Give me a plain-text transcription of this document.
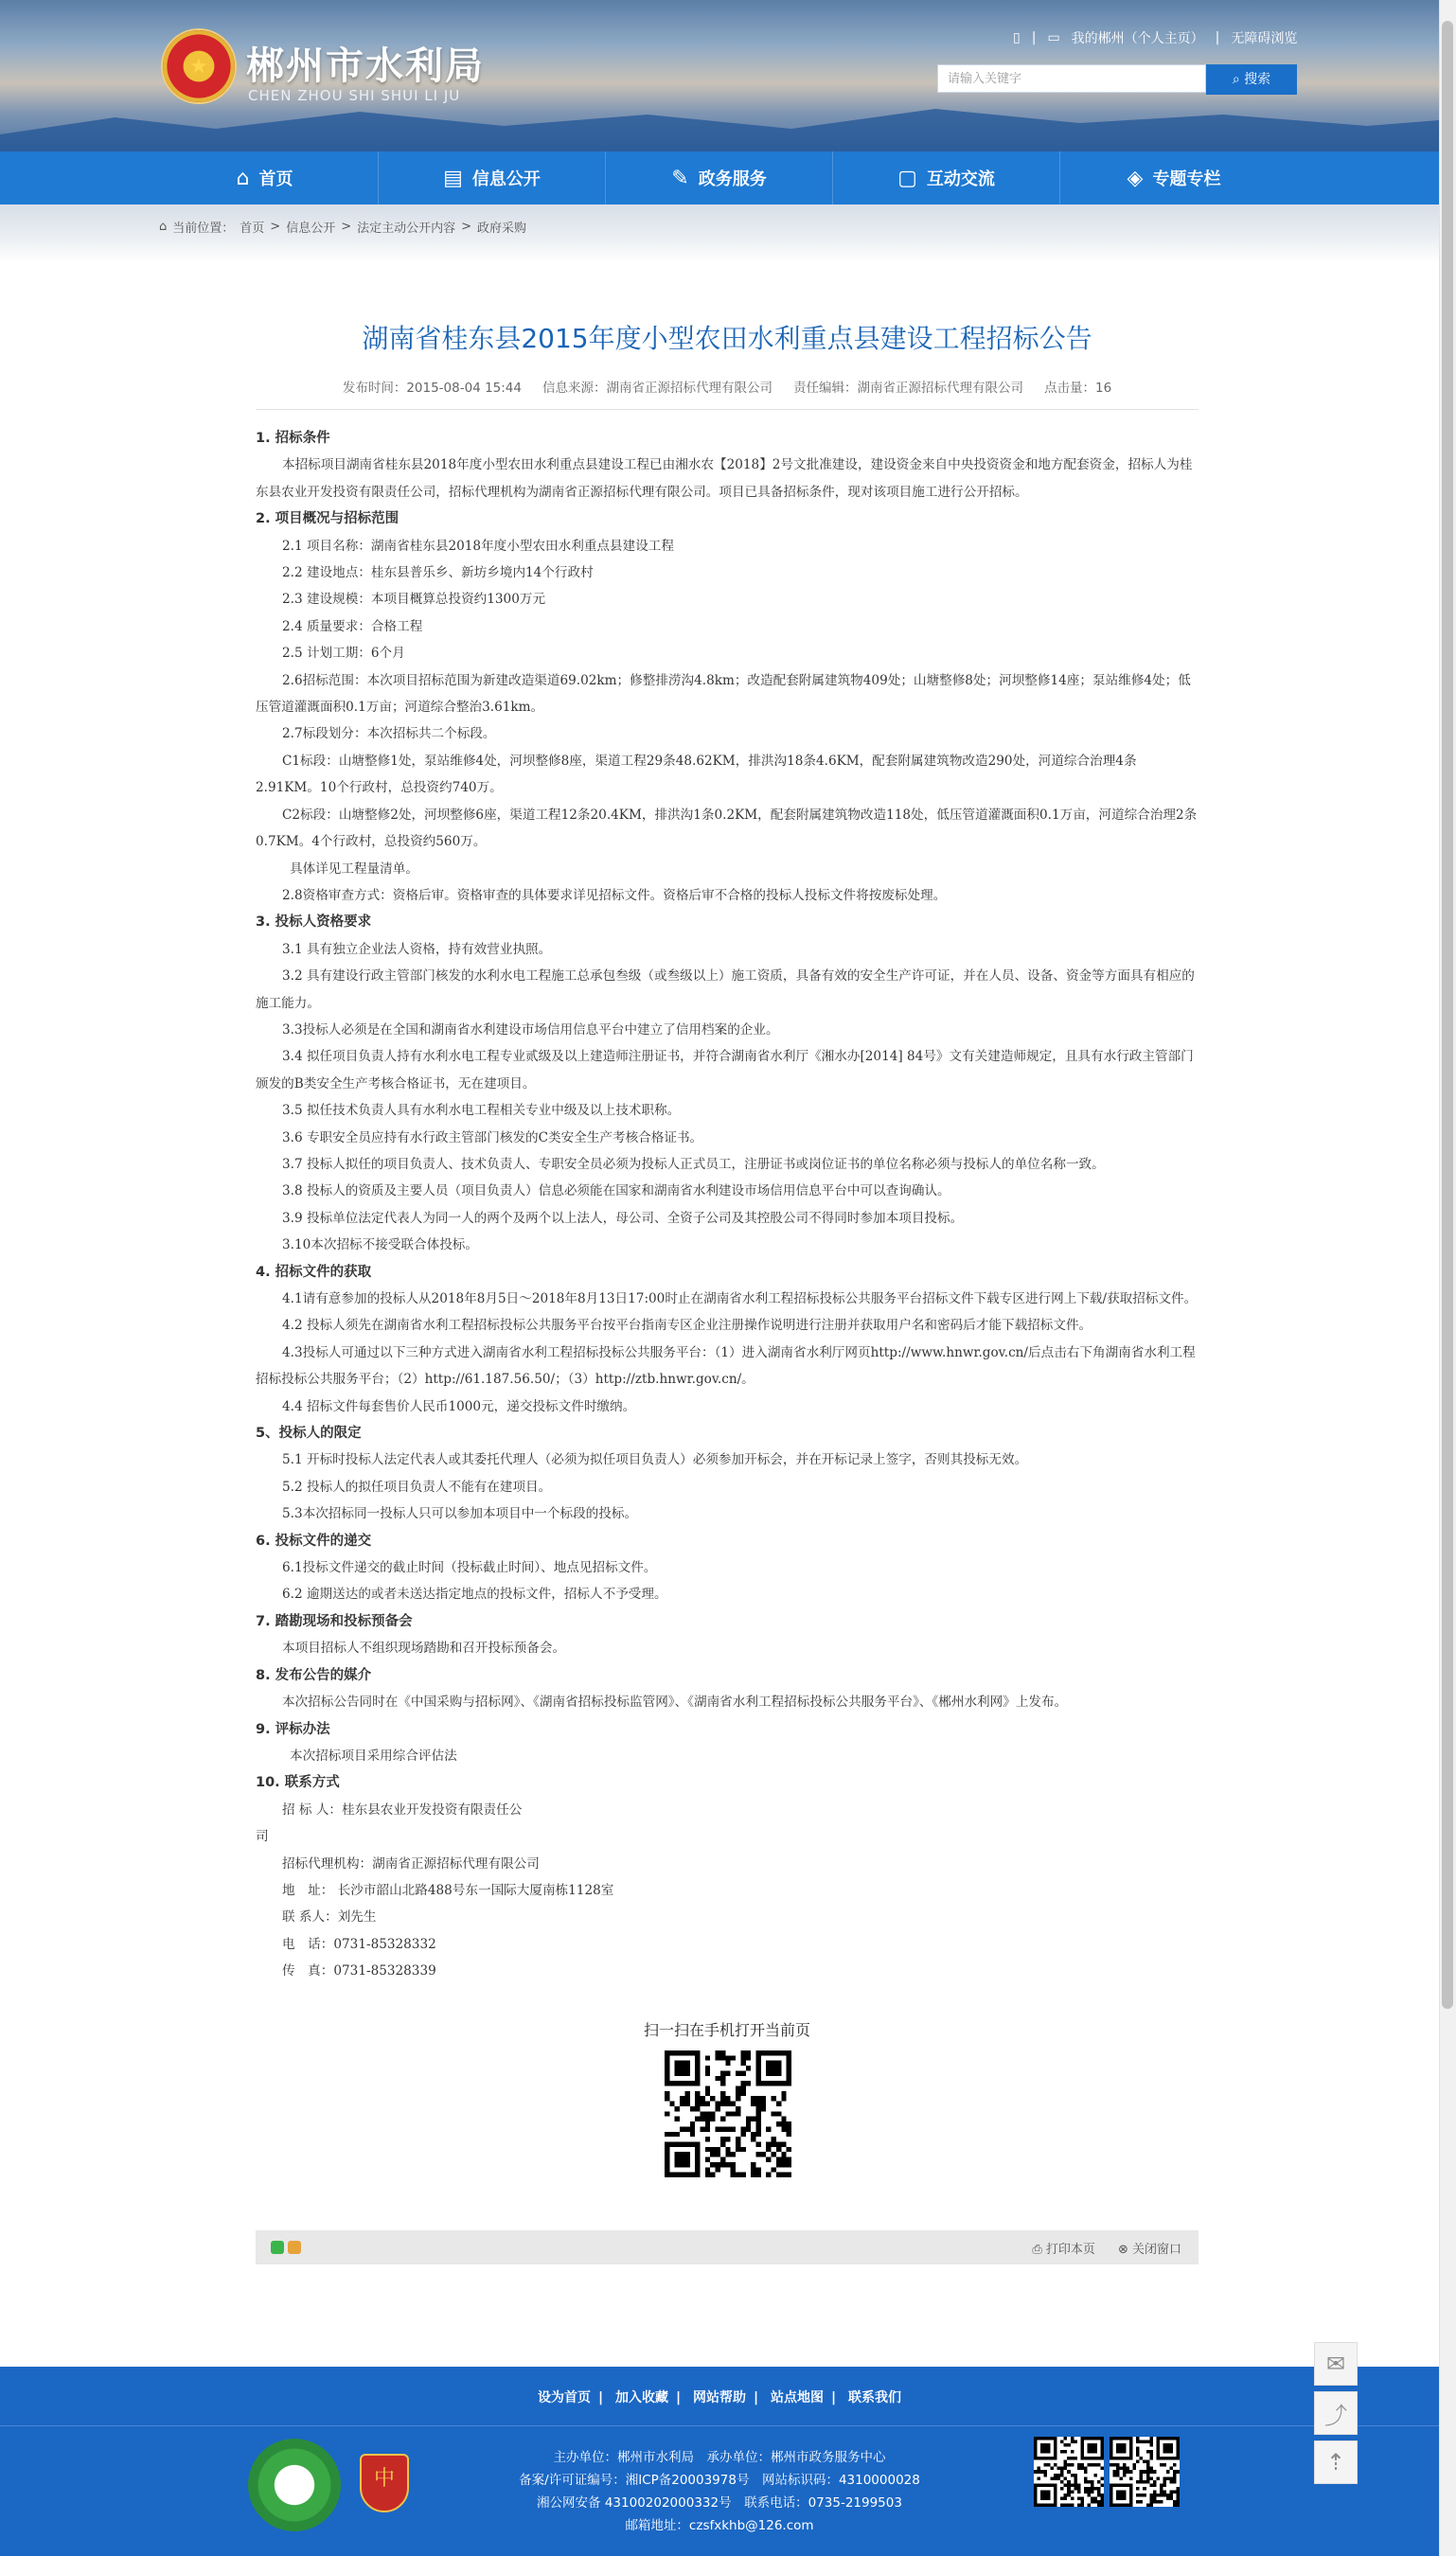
★ 郴州市水利局
CHEN ZHOU SHI SHUI LI JU
▯ | ▭ 我的郴州（个人主页） | 无障碍浏览
请输入关键字	⌕ 搜索
⌂ 首页	▤ 信息公开	✎ 政务服务	▢ 互动交流	◈ 专题专栏
⌂ 当前位置： 首页 > 信息公开 > 法定主动公开内容 > 政府采购
湖南省桂东县2015年度小型农田水利重点县建设工程招标公告
发布时间：2015-08-04 15:44 信息来源：湖南省正源招标代理有限公司 责任编辑：湖南省正源招标代理有限公司 点击量：16
1. 招标条件
本招标项目湖南省桂东县2018年度小型农田水利重点县建设工程已由湘水农【2018】2号文批准建设，建设资金来自中央投资资金和地方配套资金，招标人为桂东县农业开发投资有限责任公司，招标代理机构为湖南省正源招标代理有限公司。项目已具备招标条件，现对该项目施工进行公开招标。
2. 项目概况与招标范围
2.1 项目名称：湖南省桂东县2018年度小型农田水利重点县建设工程
2.2 建设地点：桂东县普乐乡、新坊乡境内14个行政村
2.3 建设规模：本项目概算总投资约1300万元
2.4 质量要求：合格工程
2.5 计划工期：6个月
2.6招标范围：本次项目招标范围为新建改造渠道69.02km；修整排涝沟4.8km；改造配套附属建筑物409处；山塘整修8处；河坝整修14座；泵站维修4处；低压管道灌溉面积0.1万亩；河道综合整治3.61km。
2.7标段划分：本次招标共二个标段。
C1标段：山塘整修1处，泵站维修4处，河坝整修8座，渠道工程29条48.62KM，排洪沟18条4.6KM，配套附属建筑物改造290处，河道综合治理4条2.91KM。10个行政村，总投资约740万。
C2标段：山塘整修2处，河坝整修6座，渠道工程12条20.4KM，排洪沟1条0.2KM，配套附属建筑物改造118处，低压管道灌溉面积0.1万亩，河道综合治理2条0.7KM。4个行政村，总投资约560万。
具体详见工程量清单。
2.8资格审查方式：资格后审。资格审查的具体要求详见招标文件。资格后审不合格的投标人投标文件将按废标处理。
3. 投标人资格要求
3.1 具有独立企业法人资格，持有效营业执照。
3.2 具有建设行政主管部门核发的水利水电工程施工总承包叁级（或叁级以上）施工资质，具备有效的安全生产许可证，并在人员、设备、资金等方面具有相应的施工能力。
3.3投标人必须是在全国和湖南省水利建设市场信用信息平台中建立了信用档案的企业。
3.4 拟任项目负责人持有水利水电工程专业贰级及以上建造师注册证书，并符合湖南省水利厅《湘水办[2014] 84号》文有关建造师规定，且具有水行政主管部门颁发的B类安全生产考核合格证书，无在建项目。
3.5 拟任技术负责人具有水利水电工程相关专业中级及以上技术职称。
3.6 专职安全员应持有水行政主管部门核发的C类安全生产考核合格证书。
3.7 投标人拟任的项目负责人、技术负责人、专职安全员必须为投标人正式员工，注册证书或岗位证书的单位名称必须与投标人的单位名称一致。
3.8 投标人的资质及主要人员（项目负责人）信息必须能在国家和湖南省水利建设市场信用信息平台中可以查询确认。
3.9 投标单位法定代表人为同一人的两个及两个以上法人，母公司、全资子公司及其控股公司不得同时参加本项目投标。
3.10本次招标不接受联合体投标。
4. 招标文件的获取
4.1请有意参加的投标人从2018年8月5日～2018年8月13日17:00时止在湖南省水利工程招标投标公共服务平台招标文件下载专区进行网上下载/获取招标文件。
4.2 投标人须先在湖南省水利工程招标投标公共服务平台按平台指南专区企业注册操作说明进行注册并获取用户名和密码后才能下载招标文件。
4.3投标人可通过以下三种方式进入湖南省水利工程招标投标公共服务平台：（1）进入湖南省水利厅网页http://www.hnwr.gov.cn/后点击右下角湖南省水利工程招标投标公共服务平台；（2）http://61.187.56.50/；（3）http://ztb.hnwr.gov.cn/。
4.4 招标文件每套售价人民币1000元，递交投标文件时缴纳。
5、投标人的限定
5.1 开标时投标人法定代表人或其委托代理人（必须为拟任项目负责人）必须参加开标会，并在开标记录上签字，否则其投标无效。
5.2 投标人的拟任项目负责人不能有在建项目。
5.3本次招标同一投标人只可以参加本项目中一个标段的投标。
6. 投标文件的递交
6.1投标文件递交的截止时间（投标截止时间）、地点见招标文件。
6.2 逾期送达的或者未送达指定地点的投标文件，招标人不予受理。
7. 踏勘现场和投标预备会
本项目招标人不组织现场踏勘和召开投标预备会。
8. 发布公告的媒介
本次招标公告同时在《中国采购与招标网》、《湖南省招标投标监管网》、《湖南省水利工程招标投标公共服务平台》、《郴州水利网》上发布。
9. 评标办法
本次招标项目采用综合评估法
10. 联系方式
招 标 人：桂东县农业开发投资有限责任公
司
招标代理机构：湖南省正源招标代理有限公司
地　址： 长沙市韶山北路488号东一国际大厦南栋1128室
联 系人：刘先生
电　话：0731-85328332
传　真：0731-85328339
扫一扫在手机打开当前页
⎙ 打印本页 ⊗ 关闭窗口
设为首页 | 加入收藏 | 网站帮助 | 站点地图 | 联系我们
中
主办单位：郴州市水利局　承办单位：郴州市政务服务中心
备案/许可证编号：湘ICP备20003978号　网站标识码：4310000028
湘公网安备 43100202000332号　联系电话：0735-2199503
邮箱地址：czsfxkhb@126.com
✉
⤴
⇡
